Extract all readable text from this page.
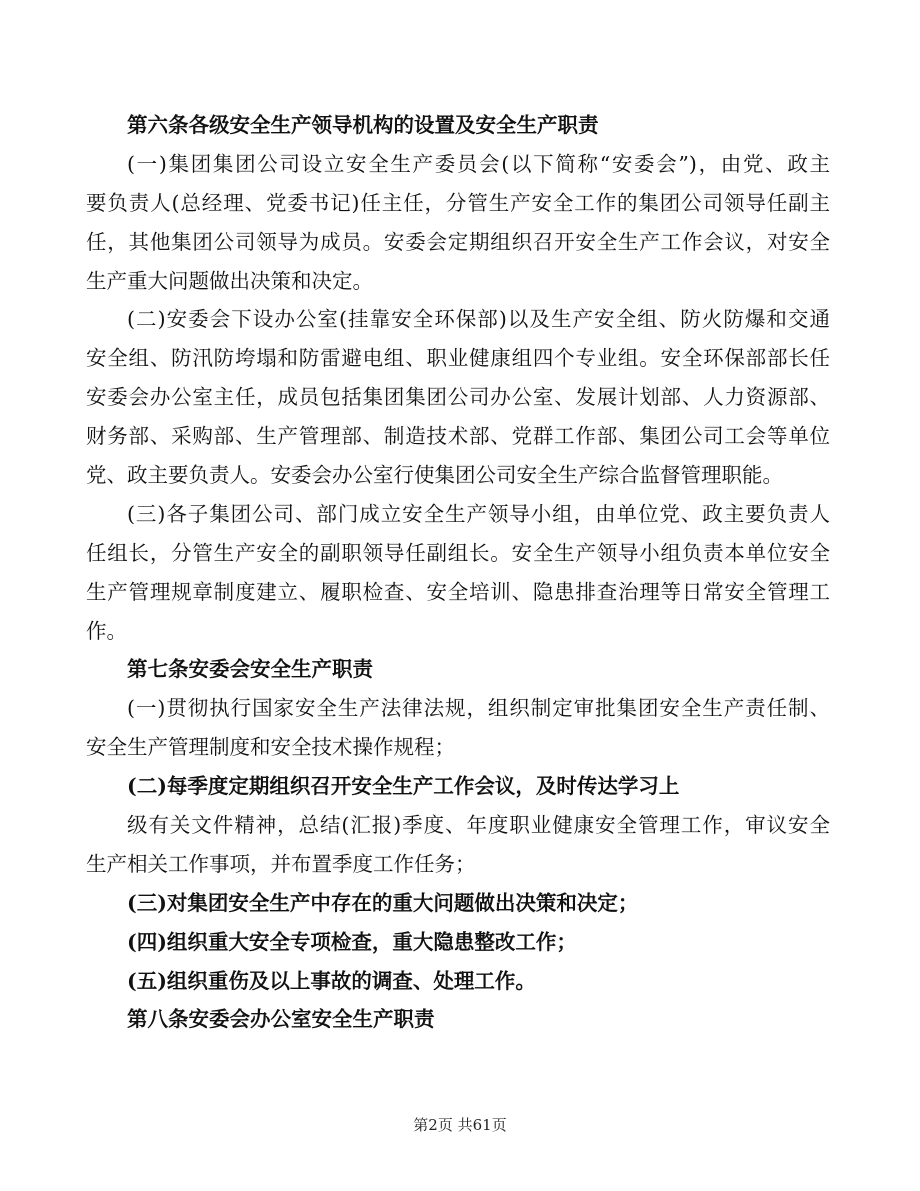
第六条各级安全生产领导机构的设置及安全生产职责
(一)集团集团公司设立安全生产委员会(以下简称“安委会”)，由党、政主
要负责人(总经理、党委书记)任主任，分管生产安全工作的集团公司领导任副主
任，其他集团公司领导为成员。安委会定期组织召开安全生产工作会议，对安全
生产重大问题做出决策和决定。
(二)安委会下设办公室(挂靠安全环保部)以及生产安全组、防火防爆和交通
安全组、防汛防垮塌和防雷避电组、职业健康组四个专业组。安全环保部部长任
安委会办公室主任，成员包括集团集团公司办公室、发展计划部、人力资源部、
财务部、采购部、生产管理部、制造技术部、党群工作部、集团公司工会等单位
党、政主要负责人。安委会办公室行使集团公司安全生产综合监督管理职能。
(三)各子集团公司、部门成立安全生产领导小组，由单位党、政主要负责人
任组长，分管生产安全的副职领导任副组长。安全生产领导小组负责本单位安全
生产管理规章制度建立、履职检查、安全培训、隐患排查治理等日常安全管理工
作。
第七条安委会安全生产职责
(一)贯彻执行国家安全生产法律法规，组织制定审批集团安全生产责任制、
安全生产管理制度和安全技术操作规程；
(二)每季度定期组织召开安全生产工作会议，及时传达学习上
级有关文件精神，总结(汇报)季度、年度职业健康安全管理工作，审议安全
生产相关工作事项，并布置季度工作任务；
(三)对集团安全生产中存在的重大问题做出决策和决定；
(四)组织重大安全专项检查，重大隐患整改工作；
(五)组织重伤及以上事故的调查、处理工作。
第八条安委会办公室安全生产职责
第2页 共61页
